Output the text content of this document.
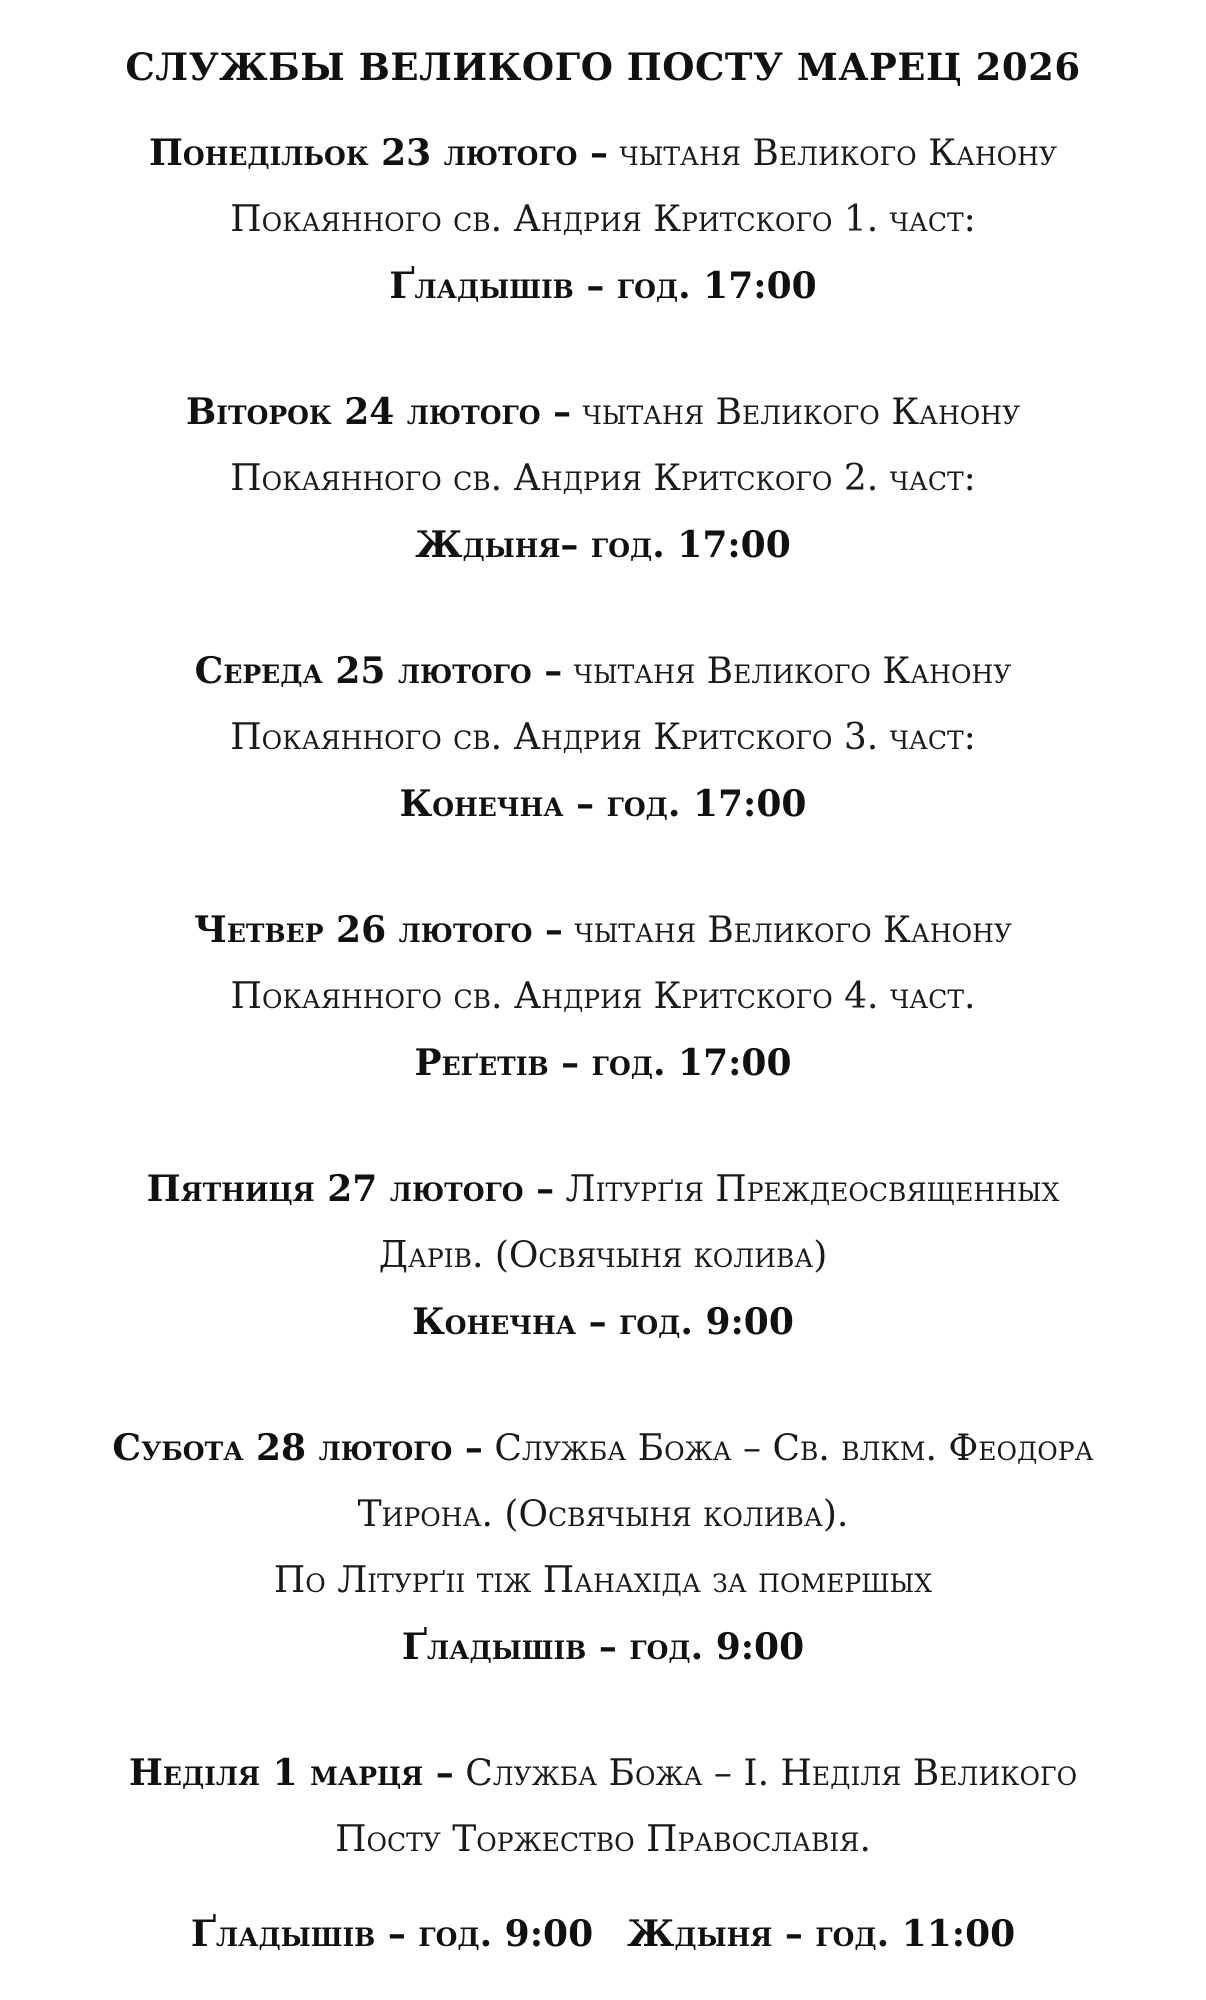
СЛУЖБЫ ВЕЛИКОГО ПОСТУ МАРЕЦ 2026
Понедільок 23 лютого – чытаня Великого Канону
Покаянного св. Андрия Критского 1. част:
Ґладышів – год. 17:00
Віторок 24 лютого – чытаня Великого Канону
Покаянного св. Андрия Критского 2. част:
Ждыня– год. 17:00
Середа 25 лютого – чытаня Великого Канону
Покаянного св. Андрия Критского 3. част:
Конечна – год. 17:00
Четвер 26 лютого – чытаня Великого Канону
Покаянного св. Андрия Критского 4. част.
Реґетів – год. 17:00
Пятниця 27 лютого – Літурґія Преждеосвященных
Дарів. (Освячыня колива)
Конечна – год. 9:00
Субота 28 лютого – Служба Божа – Св. влкм. Феодора
Тирона. (Освячыня колива).
По Літурґіі тіж Панахіда за помершых
Ґладышів – год. 9:00
Неділя 1 марця – Служба Божа – І. Неділя Великого
Посту Торжество Православія.
Ґладышів – год. 9:00 Ждыня – год. 11:00
